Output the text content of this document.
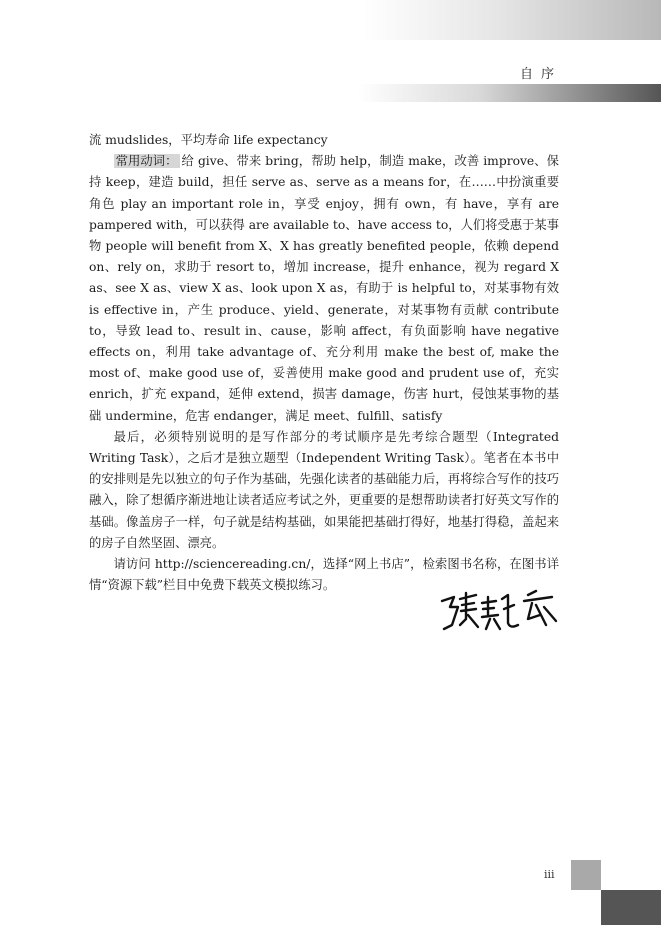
自序

流 mudslides，平均寿命 life expectancy

常用动词： 给 give、带来 bring，帮助 help，制造 make，改善 improve、保持 keep，建造 build，担任 serve as、serve as a means for，在……中扮演重要角色 play an important role in，享受 enjoy，拥有 own，有 have，享有 are pampered with，可以获得 are available to、have access to，人们将受惠于某事物 people will benefit from X、X has greatly benefited people，依赖 depend on、rely on，求助于 resort to，增加 increase，提升 enhance，视为 regard X as、see X as、view X as、look upon X as，有助于 is helpful to，对某事物有效 is effective in，产生 produce、yield、generate，对某事物有贡献 contribute to，导致 lead to、result in、cause，影响 affect，有负面影响 have negative effects on，利用 take advantage of、充分利用 make the best of, make the most of、make good use of，妥善使用 make good and prudent use of，充实 enrich，扩充 expand，延伸 extend，损害 damage，伤害 hurt，侵蚀某事物的基础 undermine，危害 endanger，满足 meet、fulfill、satisfy

最后，必须特别说明的是写作部分的考试顺序是先考综合题型（Integrated Writing Task），之后才是独立题型（Independent Writing Task）。笔者在本书中的安排则是先以独立的句子作为基础，先强化读者的基础能力后，再将综合写作的技巧融入，除了想循序渐进地让读者适应考试之外，更重要的是想帮助读者打好英文写作的基础。像盖房子一样，句子就是结构基础，如果能把基础打得好，地基打得稳，盖起来的房子自然坚固、漂亮。

请访问 http://sciencereading.cn/，选择“网上书店”，检索图书名称，在图书详情“资源下载”栏目中免费下载英文模拟练习。

iii
